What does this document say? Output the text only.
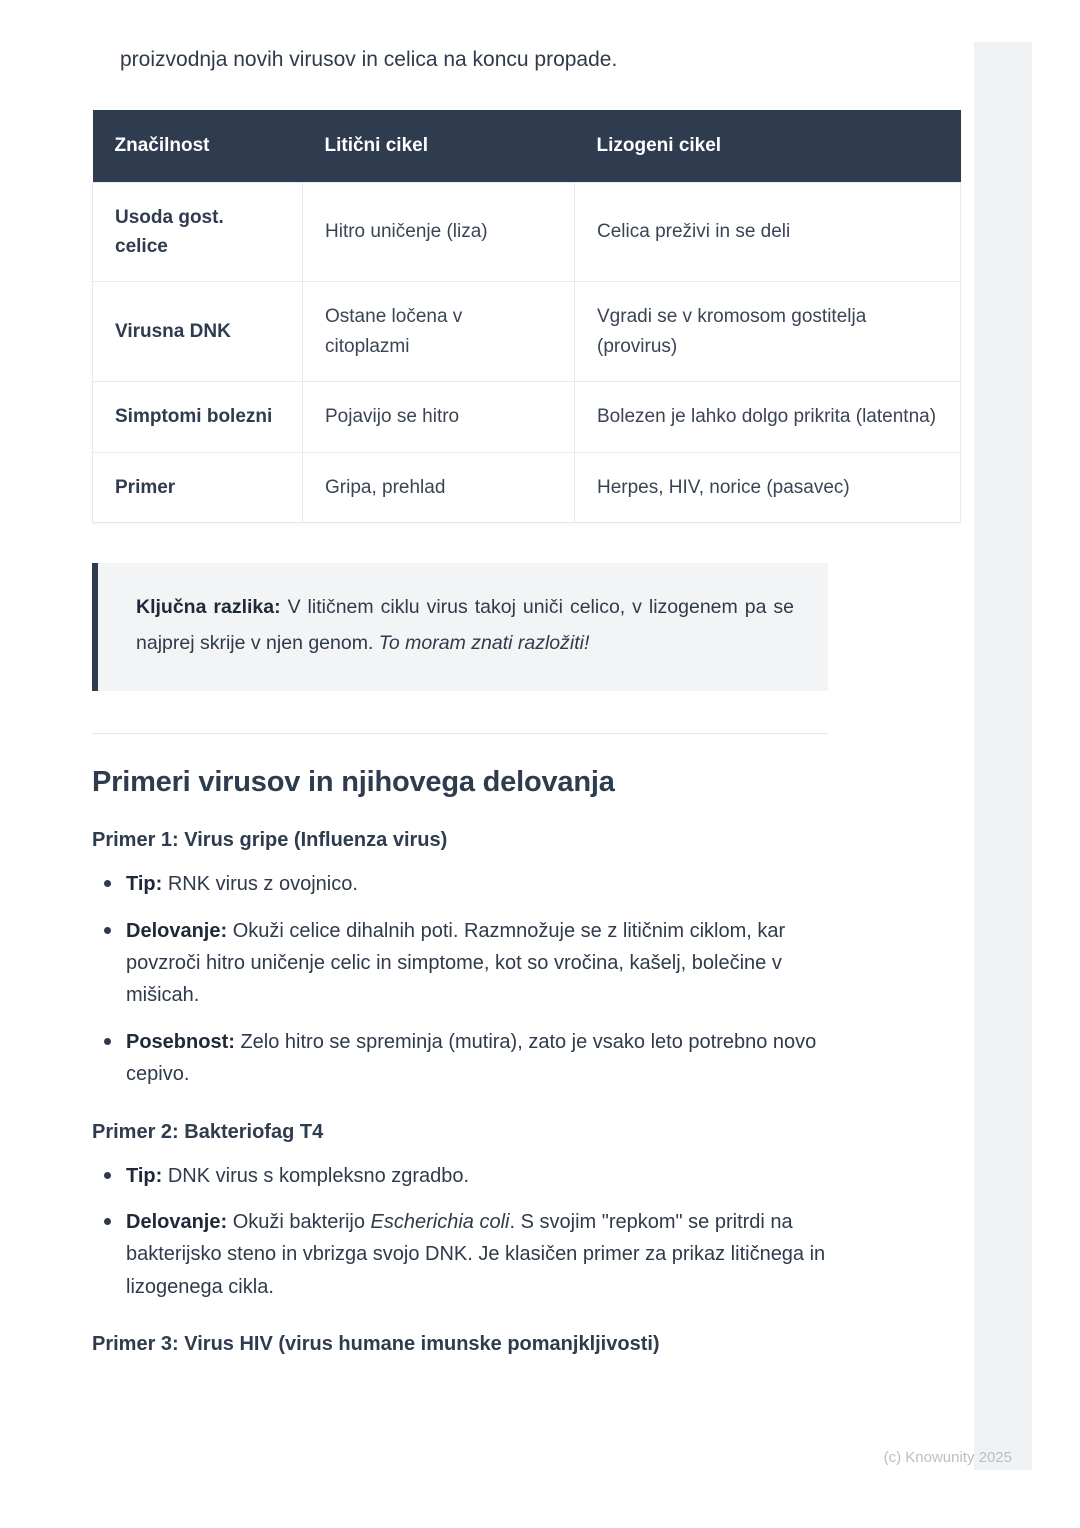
proizvodnja novih virusov in celica na koncu propade.

Značilnost	Litični cikel	Lizogeni cikel
Usoda gost. celice	Hitro uničenje (liza)	Celica preživi in se deli
Virusna DNK	Ostane ločena v citoplazmi	Vgradi se v kromosom gostitelja (provirus)
Simptomi bolezni	Pojavijo se hitro	Bolezen je lahko dolgo prikrita (latentna)
Primer	Gripa, prehlad	Herpes, HIV, norice (pasavec)
Ključna razlika: V litičnem ciklu virus takoj uniči celico, v lizogenem pa se najprej skrije v njen genom. To moram znati razložiti!
Primeri virusov in njihovega delovanja
Primer 1: Virus gripe (Influenza virus)
Tip: RNK virus z ovojnico.
Delovanje: Okuži celice dihalnih poti. Razmnožuje se z litičnim ciklom, kar povzroči hitro uničenje celic in simptome, kot so vročina, kašelj, bolečine v mišicah.
Posebnost: Zelo hitro se spreminja (mutira), zato je vsako leto potrebno novo cepivo.
Primer 2: Bakteriofag T4
Tip: DNK virus s kompleksno zgradbo.
Delovanje: Okuži bakterijo Escherichia coli. S svojim "repkom" se pritrdi na bakterijsko steno in vbrizga svojo DNK. Je klasičen primer za prikaz litičnega in lizogenega cikla.
Primer 3: Virus HIV (virus humane imunske pomanjkljivosti)
(c) Knowunity 2025
